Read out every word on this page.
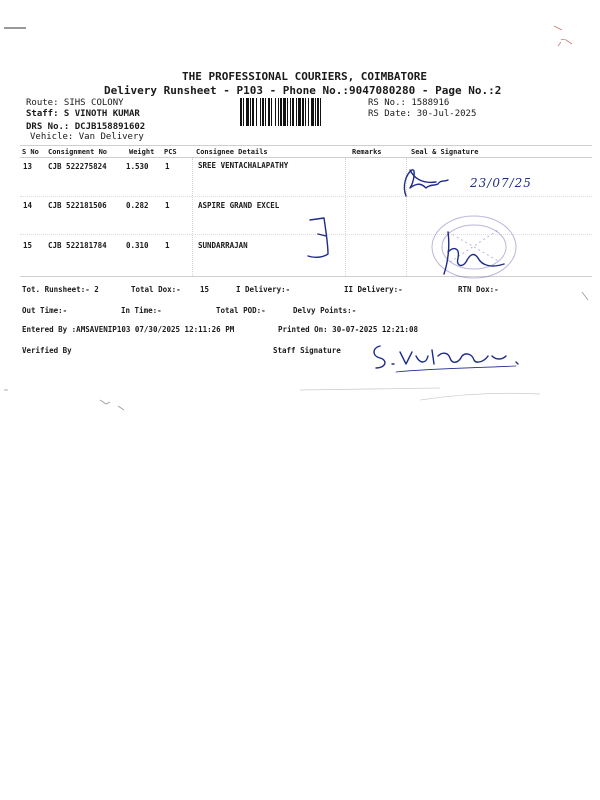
~
THE PROFESSIONAL COURIERS, COIMBATORE
Delivery Runsheet - P103 - Phone No.:9047080280 - Page No.:2
Route: SIHS COLONY
Staff: S VINOTH KUMAR
DRS No.: DCJB158891602
Vehicle: Van Delivery
RS No.: 1588916
RS Date: 30-Jul-2025
S No Consignment No	Weight PCS	Consignee Details	Remarks	Seal & Signature
13 CJB 522275824	1.530 1	SREE VENTACHALAPATHY
14 CJB 522181506	0.282 1	ASPIRE GRAND EXCEL
15 CJB 522181784	0.310 1	SUNDARRAJAN
23/07/25
Tot. Runsheet:- 2	Total Dox:-	15	I Delivery:-	II Delivery:-	RTN Dox:-
Out Time:-	In Time:-	Total POD:-	Delvy Points:-
Entered By :AMSAVENIP103 07/30/2025 12:11:26 PM	Printed On: 30-07-2025 12:21:08
Verified By	Staff Signature
